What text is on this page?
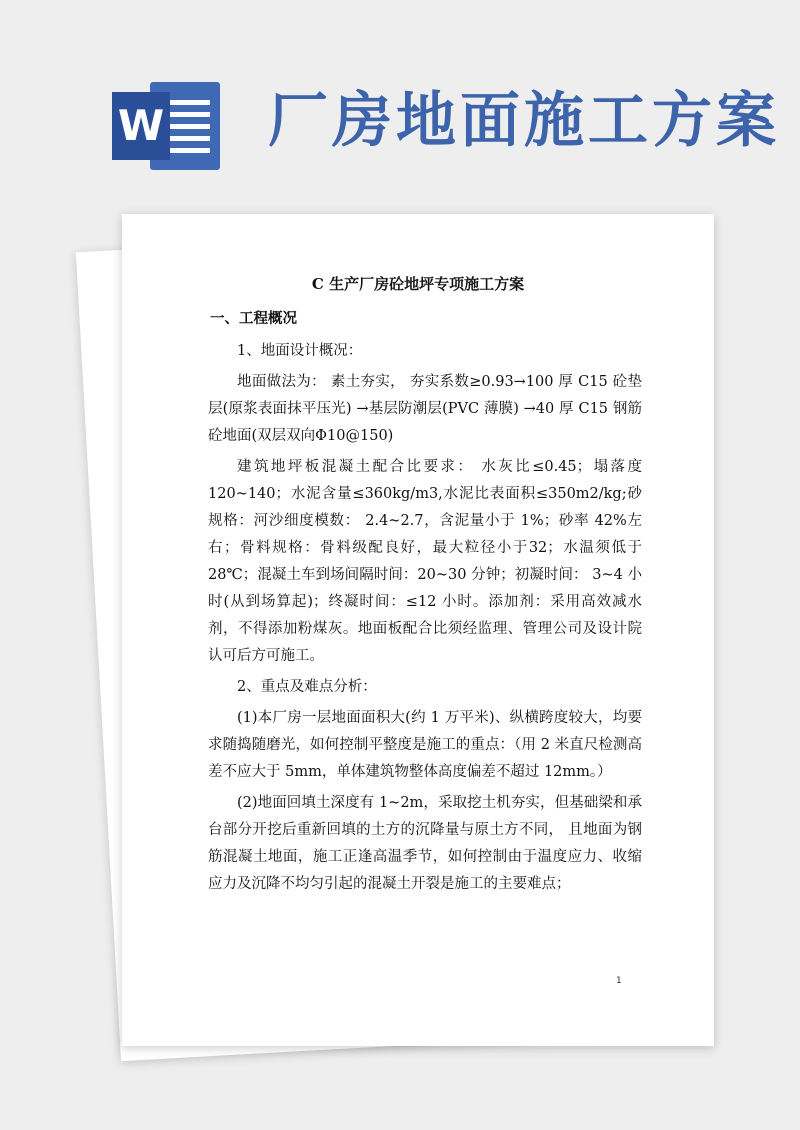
W 厂房地面施工方案
C 生产厂房砼地坪专项施工方案
一、工程概况

1、地面设计概况：

地面做法为： 素土夯实， 夯实系数≥0.93→100 厚 C15 砼垫层(原浆表面抹平压光) →基层防潮层(PVC 薄膜) →40 厚 C15 钢筋砼地面(双层双向Φ10@150)

建筑地坪板混凝土配合比要求： 水灰比≤0.45；塌落度 120~140；水泥含量≤360kg/m3,水泥比表面积≤350m2/kg;砂规格：河沙细度模数： 2.4~2.7，含泥量小于 1%；砂率 42%左右；骨料规格：骨料级配良好，最大粒径小于32；水温须低于 28℃；混凝土车到场间隔时间：20~30 分钟；初凝时间： 3~4 小时(从到场算起)；终凝时间：≤12 小时。添加剂：采用高效减水剂，不得添加粉煤灰。地面板配合比须经监理、管理公司及设计院认可后方可施工。

2、重点及难点分析：

(1)本厂房一层地面面积大(约 1 万平米)、纵横跨度较大，均要求随捣随磨光，如何控制平整度是施工的重点：（用 2 米直尺检测高差不应大于 5mm，单体建筑物整体高度偏差不超过 12mm。）

(2)地面回填土深度有 1~2m，采取挖土机夯实，但基础梁和承台部分开挖后重新回填的土方的沉降量与原土方不同， 且地面为钢筋混凝土地面，施工正逢高温季节，如何控制由于温度应力、收缩应力及沉降不均匀引起的混凝土开裂是施工的主要难点；

1
